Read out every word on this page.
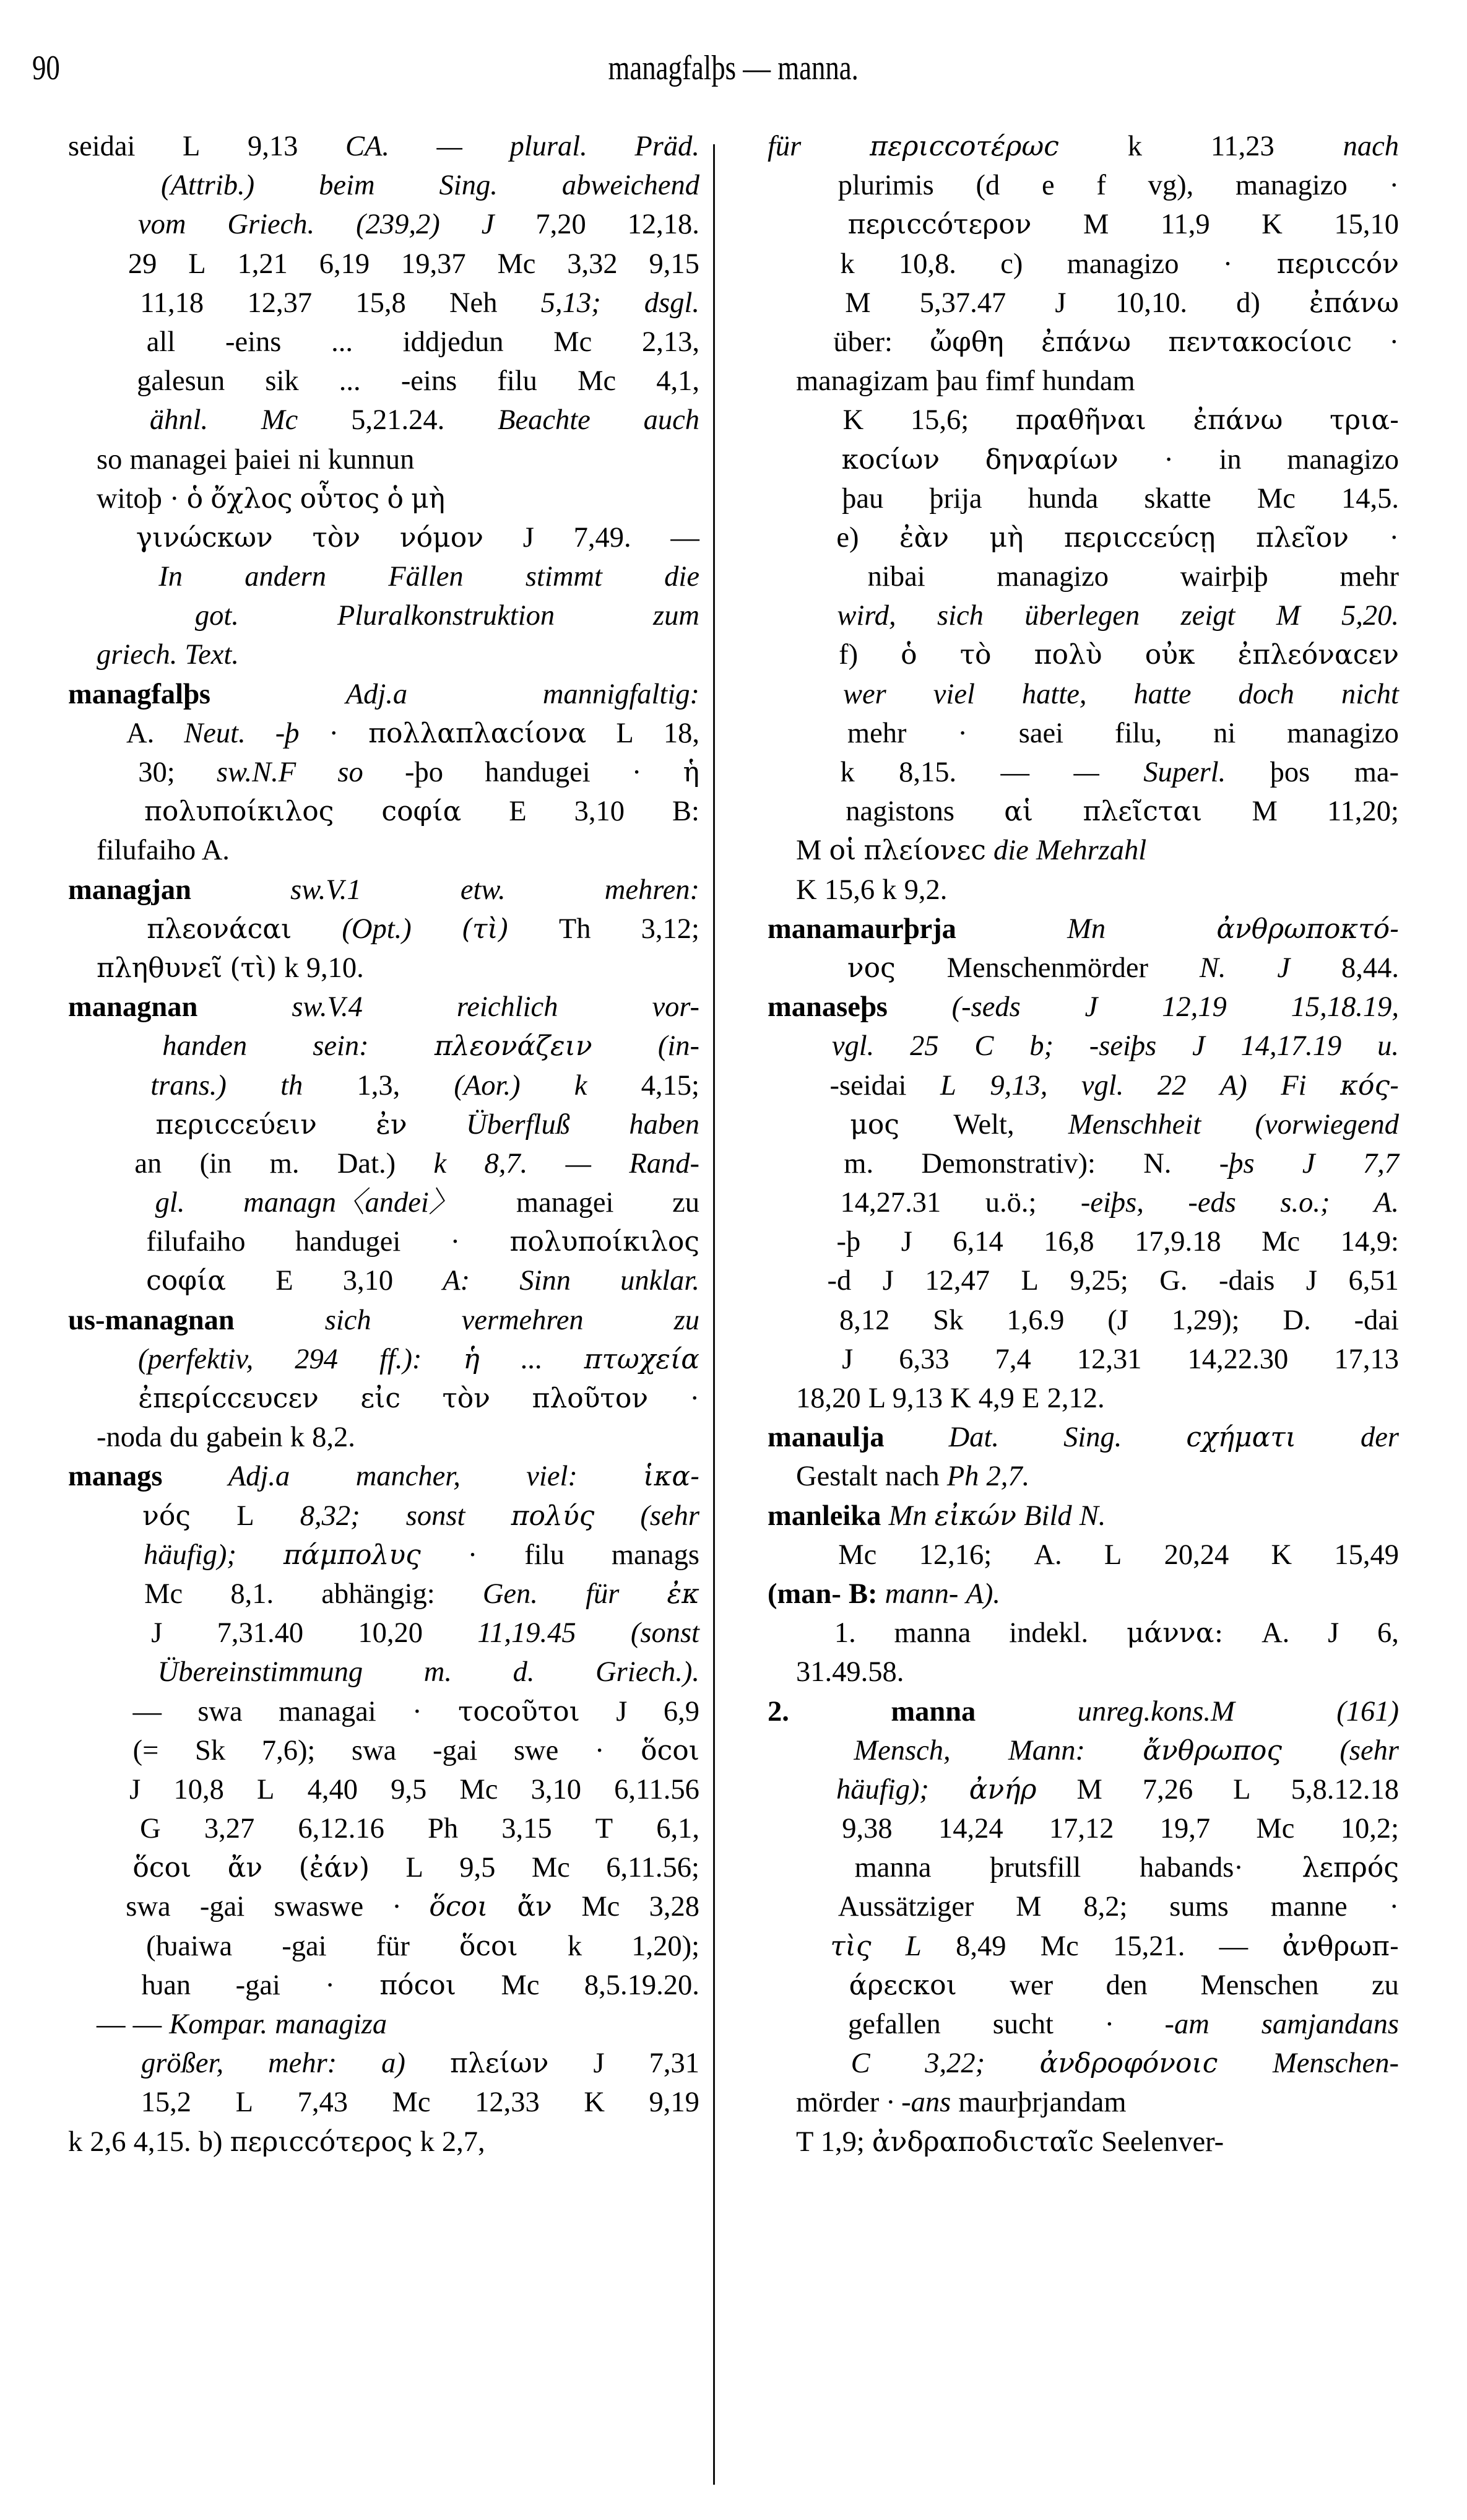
90	managfalþs — manna.
seidai L 9,13 CA. — plural. Präd.

(Attrib.) beim Sing. abweichend

vom Griech. (239,2) J 7,20 12,18.

29 L 1,21 6,19 19,37 Mc 3,32 9,15

11,18 12,37 15,8 Neh 5,13; dsgl.

all -eins ... iddjedun Mc 2,13,

galesun sik ... -eins filu Mc 4,1,

ähnl. Mc 5,21.24. Beachte auch
so managei þaiei ni kunnun
witoþ · ὁ ὄχλος οὗτος ὁ μὴ

γινώϲκων τὸν νόμον J 7,49. —

In andern Fällen stimmt die

got.	Pluralkonstruktion	zum
griech. Text.
managfalþs	Adj.a	mannigfaltig:

A. Neut. -þ · πολλαπλαϲίονα L 18,

30; sw.N.F so -þo handugei · ἡ

πολυποίκιλος ϲοφία E 3,10 B:
filufaiho A.
managjan	sw.V.1	etw.	mehren:

πλεονάϲαι (Opt.) (τὶ) Th 3,12;
πληθυνεῖ (τὶ) k 9,10.
managnan	sw.V.4	reichlich	vor-

handen sein: πλεονάζειν (in-

trans.) th 1,3, (Aor.) k 4,15;

περιϲϲεύειν ἐν Überfluß haben

an (in m. Dat.) k 8,7. — Rand-

gl. managn〈andei〉 managei zu

filufaiho handugei · πολυποίκιλος

ϲοφία E 3,10 A: Sinn unklar.
us-managnan	sich	vermehren	zu

(perfektiv, 294 ff.): ἡ ... πτωχεία

ἐπερίϲϲευϲεν εἰϲ τὸν πλοῦτον ·
-noda du gabein k 8,2.
manags Adj.a mancher, viel: ἱκα-

νός L 8,32; sonst πολύς (sehr

häufig); πάμπολυς · filu manags

Mc 8,1. abhängig: Gen. für ἐκ

J 7,31.40 10,20 11,19.45 (sonst

Übereinstimmung m. d. Griech.).

— swa managai · τοϲοῦτοι J 6,9

(= Sk 7,6); swa -gai swe · ὅϲοι

J 10,8 L 4,40 9,5 Mc 3,10 6,11.56

G 3,27 6,12.16 Ph 3,15 T 6,1,

ὅϲοι ἄν (ἐάν) L 9,5 Mc 6,11.56;

swa -gai swaswe · ὅϲοι ἄν Mc 3,28

(ƕaiwa -gai für ὅϲοι k 1,20);

ƕan -gai · πόϲοι Mc 8,5.19.20.
— — Kompar. managiza

größer, mehr: a) πλείων J 7,31

15,2 L 7,43 Mc 12,33 K 9,19
k 2,6 4,15. b) περιϲϲότερος k 2,7,
für	περιϲϲοτέρωϲ k 11,23 nach

plurimis (d e f vg), managizo ·

περιϲϲότερον M 11,9 K 15,10

k 10,8. c) managizo · περιϲϲόν

M 5,37.47 J 10,10. d) ἐπάνω

über: ὤφθη ἐπάνω πεντακοϲίοιϲ ·
managizam þau fimf hundam

K 15,6; πραθῆναι ἐπάνω τρια-

κοϲίων δηναρίων · in managizo

þau þrija hunda skatte Mc 14,5.

e) ἐὰν μὴ περιϲϲεύϲῃ πλεῖον ·

nibai managizo wairþiþ mehr

wird, sich überlegen zeigt M 5,20.

f) ὁ τὸ πολὺ οὐκ ἐπλεόναϲεν

wer viel hatte, hatte doch nicht

mehr · saei filu, ni managizo

k 8,15. — — Superl. þos ma-

nagistons αἱ πλεῖϲται M 11,20;
M οἱ πλείονεϲ die Mehrzahl
K 15,6 k 9,2.
manamaurþrja	Mn	ἀνθρωποκτό-

νος Menschenmörder N. J 8,44.
manaseþs (-seds J 12,19 15,18.19,

vgl. 25 C b; -seiþs J 14,17.19 u.

-seidai L 9,13, vgl. 22 A) Fi κός-

μος Welt, Menschheit (vorwiegend

m. Demonstrativ): N. -þs J 7,7

14,27.31 u.ö.; -eiþs, -eds s.o.; A.

-þ J 6,14 16,8 17,9.18 Mc 14,9:

-d J 12,47 L 9,25; G. -dais J 6,51

8,12 Sk 1,6.9 (J 1,29); D. -dai

J 6,33 7,4 12,31 14,22.30 17,13
18,20 L 9,13 K 4,9 E 2,12.
manaulja Dat. Sing. ϲχήματι der
Gestalt nach Ph 2,7.
manleika Mn εἰκών Bild N.

Mc 12,16; A. L 20,24 K 15,49
(man- B: mann- A).

1. manna indekl. μάννα: A. J 6,
31.49.58.
2.	manna	unreg.kons.M	(161)

Mensch, Mann: ἄνθρωπος (sehr

häufig); ἀνήρ M 7,26 L 5,8.12.18

9,38 14,24 17,12 19,7 Mc 10,2;

manna þrutsfill habands· λεπρός

Aussätziger M 8,2; sums manne ·

τὶς L 8,49 Mc 15,21. — ἀνθρωπ-

άρεϲκοι wer den Menschen zu

gefallen sucht · -am samjandans

C 3,22; ἀνδροφόνοιϲ Menschen-
mörder · -ans maurþrjandam
T 1,9; ἀνδραποδιϲταῖϲ Seelenver-
